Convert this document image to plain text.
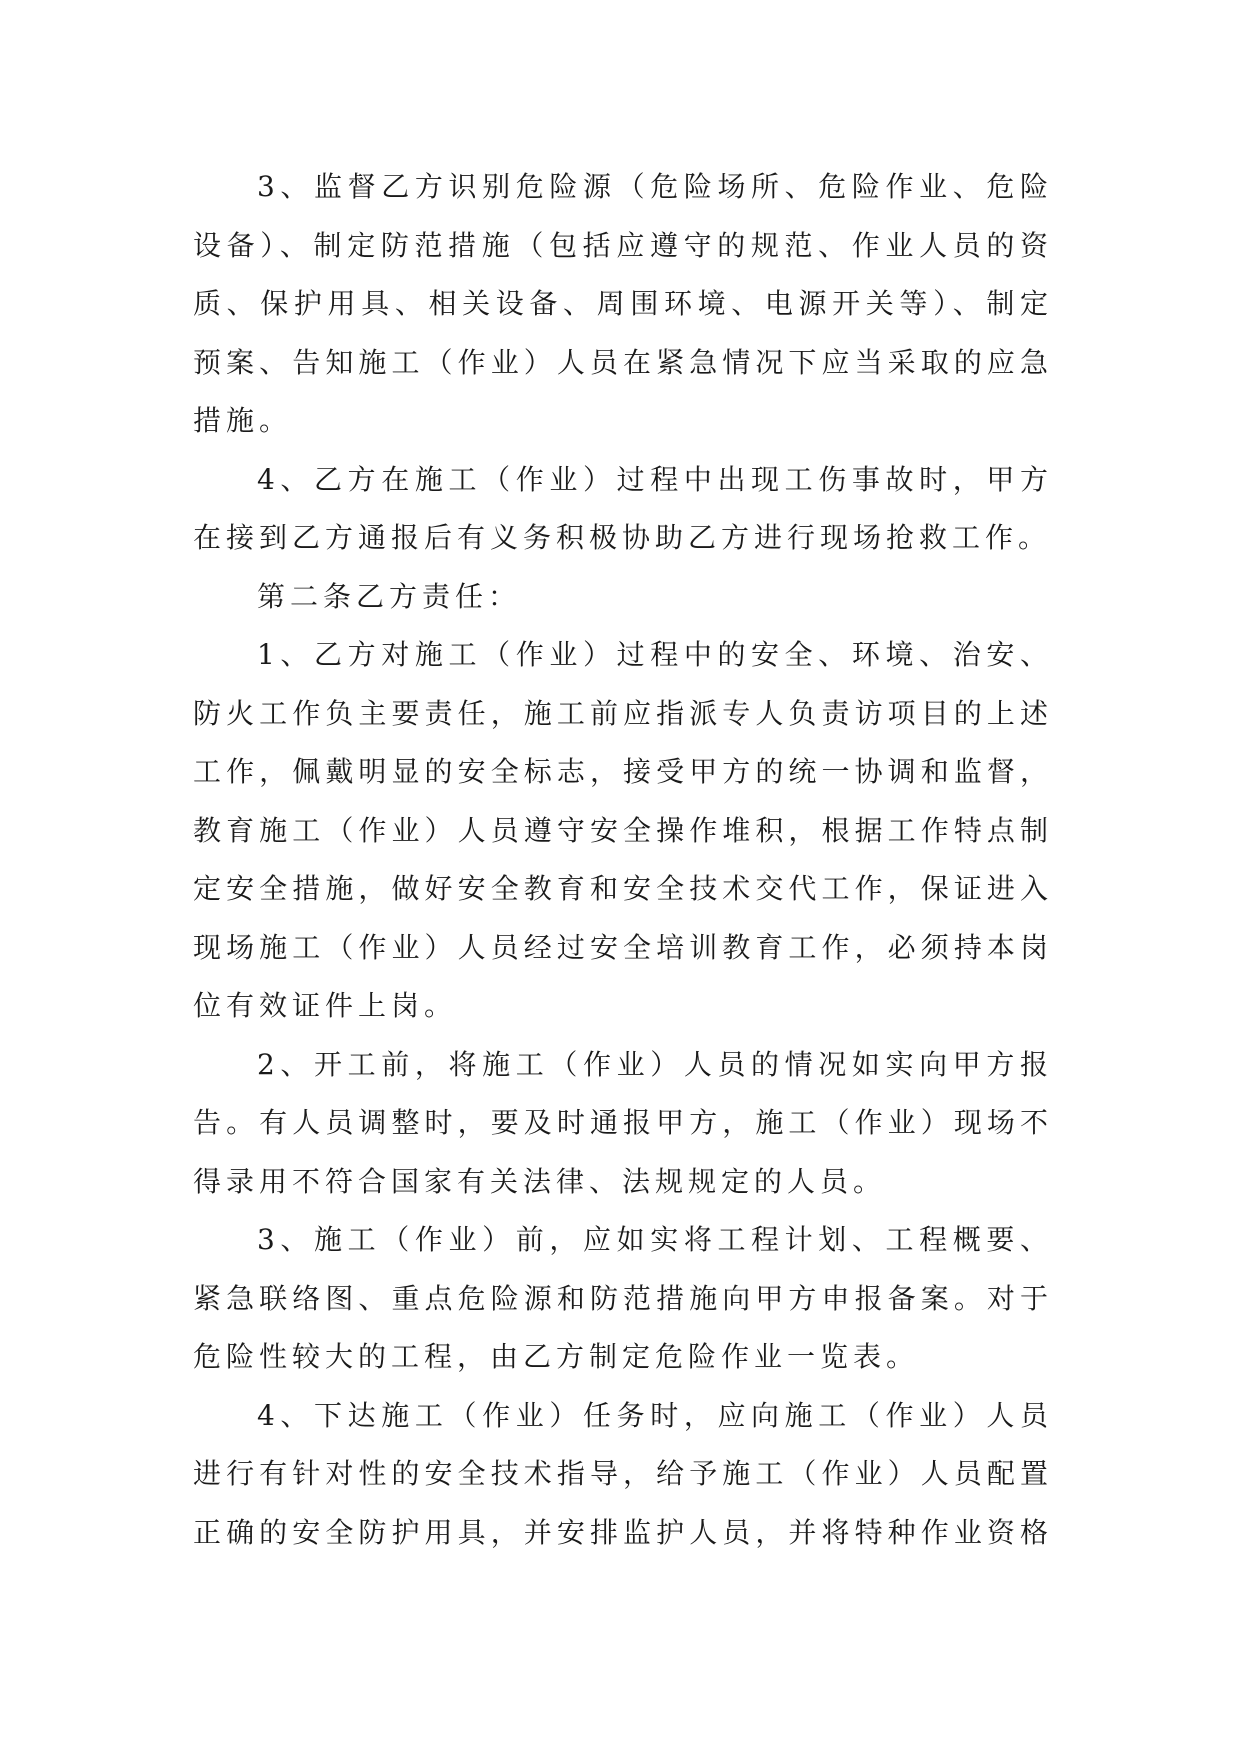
3、监督乙方识别危险源（危险场所、危险作业、危险
设备）、制定防范措施（包括应遵守的规范、作业人员的资
质、保护用具、相关设备、周围环境、电源开关等）、制定
预案、告知施工（作业）人员在紧急情况下应当采取的应急
措施。
4、乙方在施工（作业）过程中出现工伤事故时，甲方
在接到乙方通报后有义务积极协助乙方进行现场抢救工作。
第二条乙方责任：
1、乙方对施工（作业）过程中的安全、环境、治安、
防火工作负主要责任，施工前应指派专人负责访项目的上述
工作，佩戴明显的安全标志，接受甲方的统一协调和监督，
教育施工（作业）人员遵守安全操作堆积，根据工作特点制
定安全措施，做好安全教育和安全技术交代工作，保证进入
现场施工（作业）人员经过安全培训教育工作，必须持本岗
位有效证件上岗。
2、开工前，将施工（作业）人员的情况如实向甲方报
告。有人员调整时，要及时通报甲方，施工（作业）现场不
得录用不符合国家有关法律、法规规定的人员。
3、施工（作业）前，应如实将工程计划、工程概要、
紧急联络图、重点危险源和防范措施向甲方申报备案。对于
危险性较大的工程，由乙方制定危险作业一览表。
4、下达施工（作业）任务时，应向施工（作业）人员
进行有针对性的安全技术指导，给予施工（作业）人员配置
正确的安全防护用具，并安排监护人员，并将特种作业资格
